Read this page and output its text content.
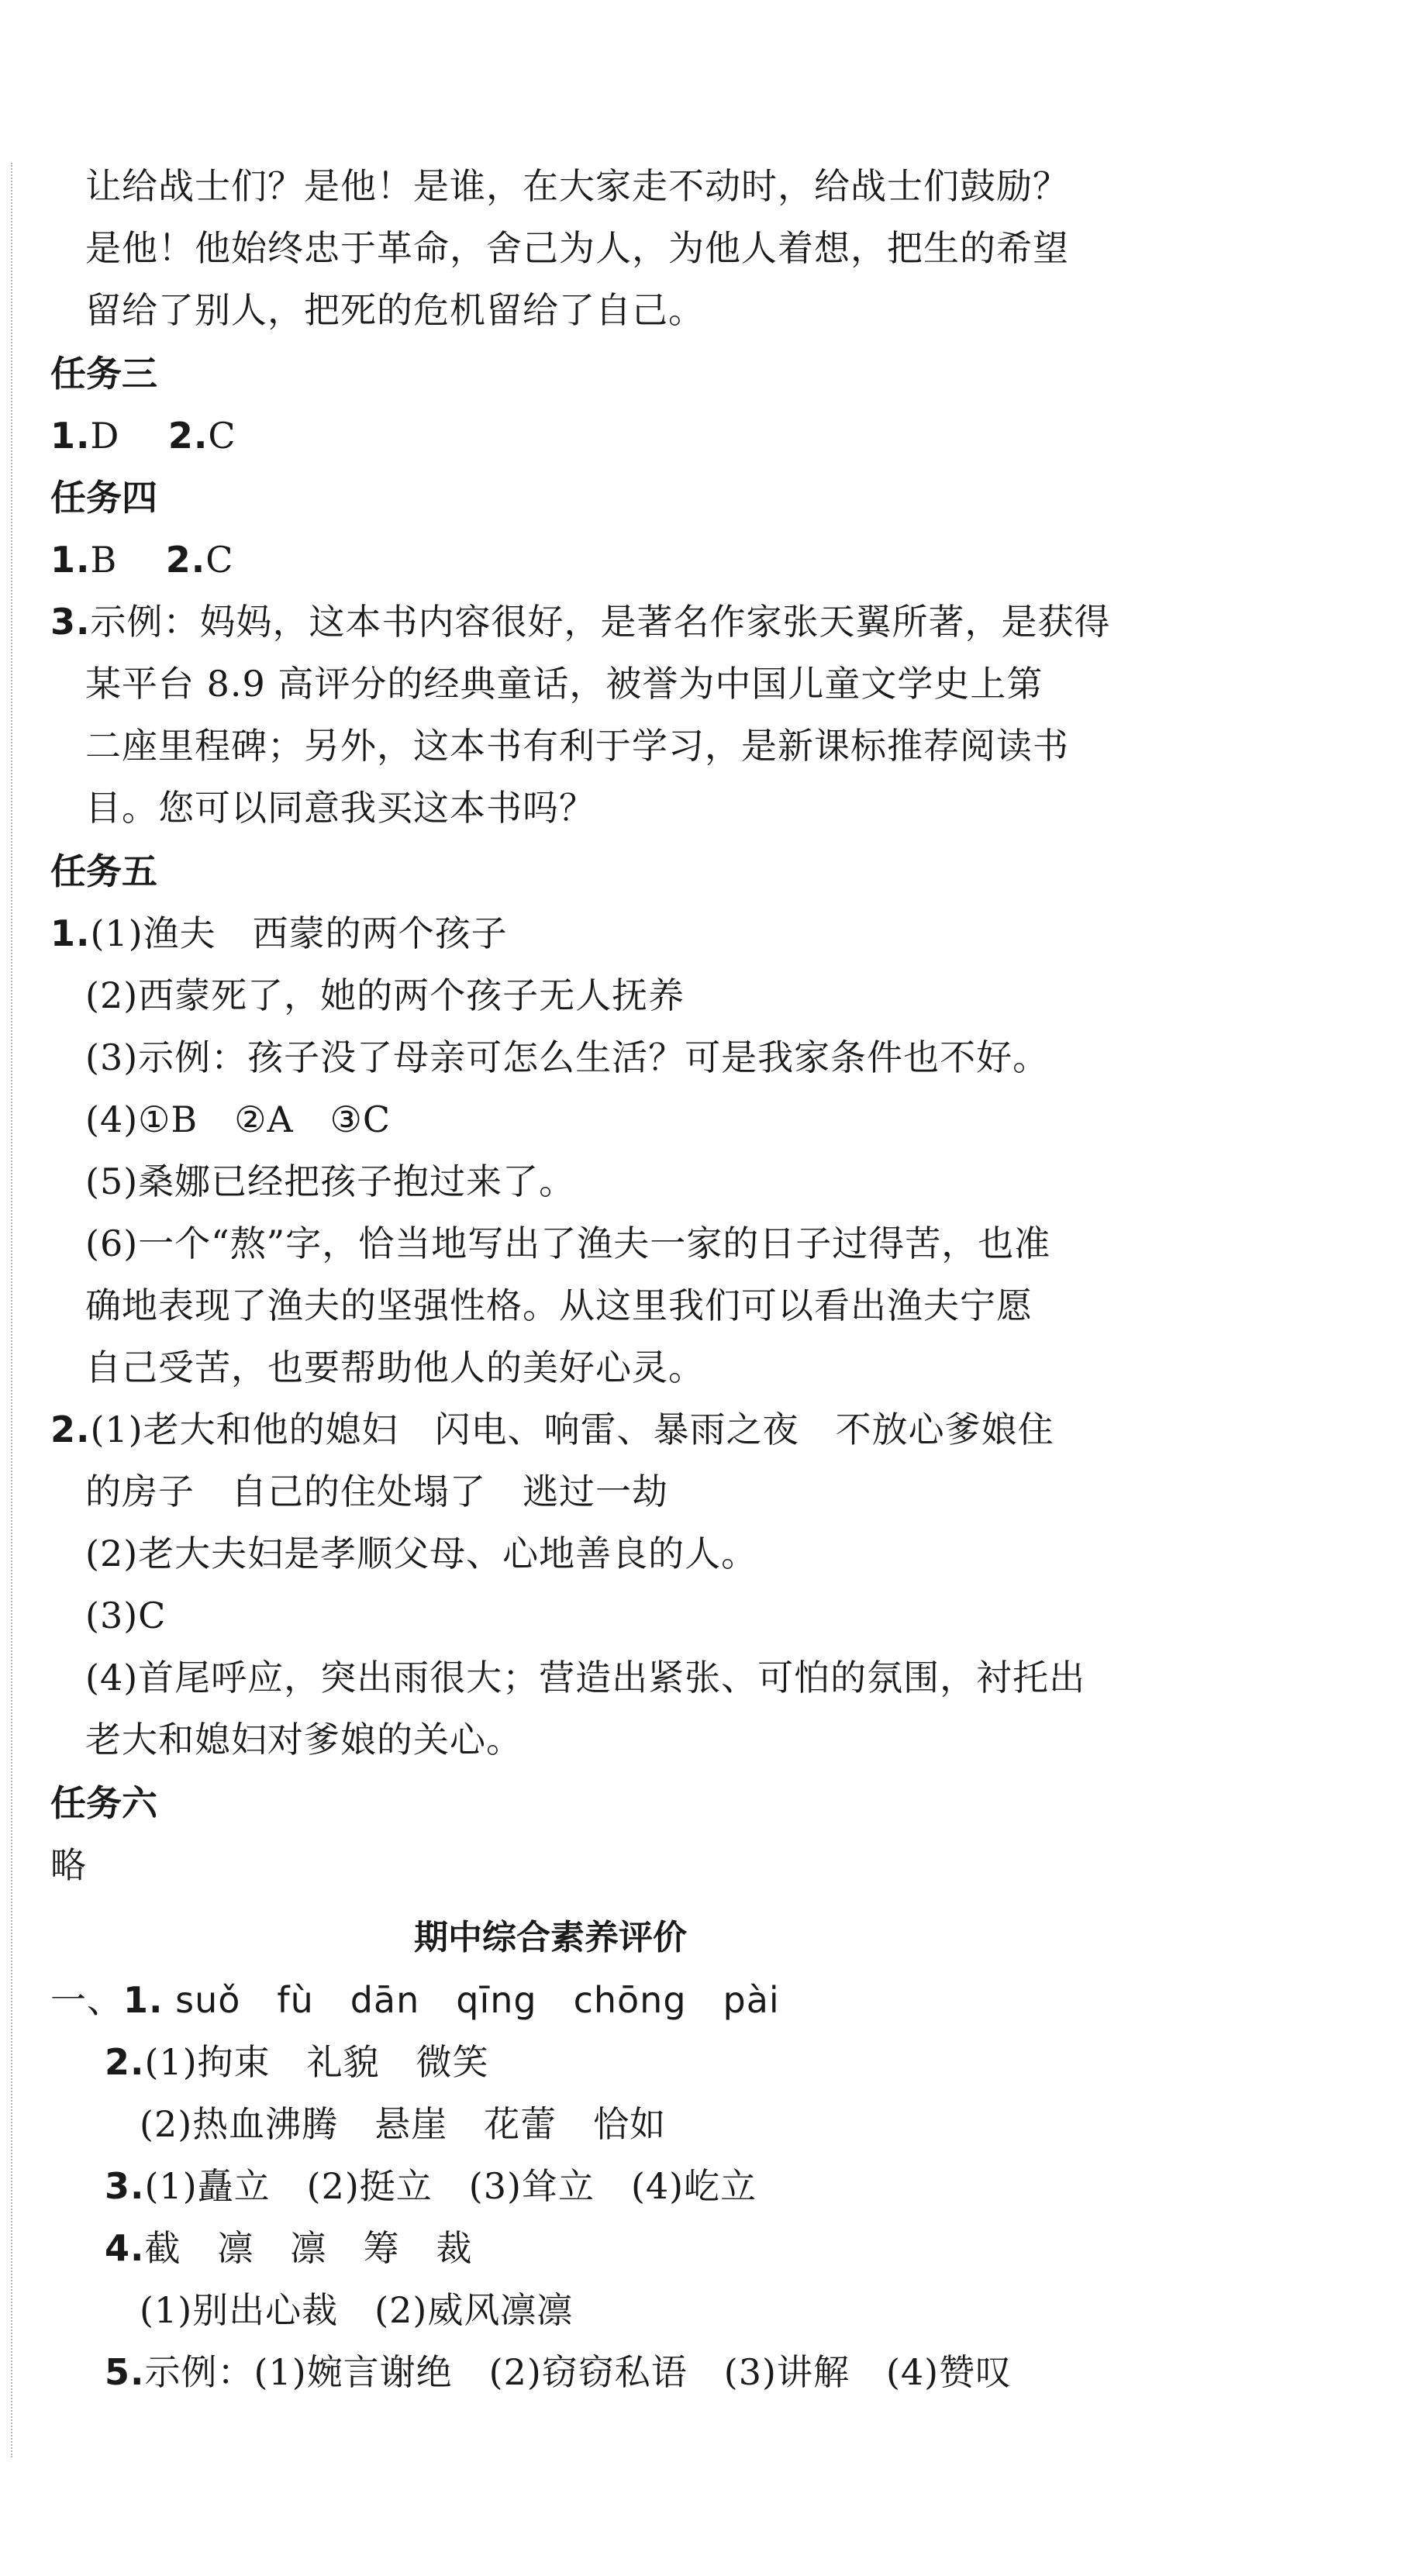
让给战士们？是他！是谁，在大家走不动时，给战士们鼓励？
是他！他始终忠于革命，舍己为人，为他人着想，把生的希望
留给了别人，把死的危机留给了自己。
任务三
1.D 2.C
任务四
1.B 2.C
3.示例：妈妈，这本书内容很好，是著名作家张天翼所著，是获得
某平台 8.9 高评分的经典童话，被誉为中国儿童文学史上第
二座里程碑；另外，这本书有利于学习，是新课标推荐阅读书
目。您可以同意我买这本书吗？
任务五
1.(1)渔夫　西蒙的两个孩子
(2)西蒙死了，她的两个孩子无人抚养
(3)示例：孩子没了母亲可怎么生活？可是我家条件也不好。
(4)①B　②A　③C
(5)桑娜已经把孩子抱过来了。
(6)一个“熬”字，恰当地写出了渔夫一家的日子过得苦，也准
确地表现了渔夫的坚强性格。从这里我们可以看出渔夫宁愿
自己受苦，也要帮助他人的美好心灵。
2.(1)老大和他的媳妇　闪电、响雷、暴雨之夜　不放心爹娘住
的房子　自己的住处塌了　逃过一劫
(2)老大夫妇是孝顺父母、心地善良的人。
(3)C
(4)首尾呼应，突出雨很大；营造出紧张、可怕的氛围，衬托出
老大和媳妇对爹娘的关心。
任务六
略
期中综合素养评价
一、1. suǒ　fù　dān　qīng　chōng　pài
2.(1)拘束　礼貌　微笑
(2)热血沸腾　悬崖　花蕾　恰如
3.(1)矗立　(2)挺立　(3)耸立　(4)屹立
4.截　凛　凛　筹　裁
(1)别出心裁　(2)威风凛凛
5.示例：(1)婉言谢绝　(2)窃窃私语　(3)讲解　(4)赞叹
